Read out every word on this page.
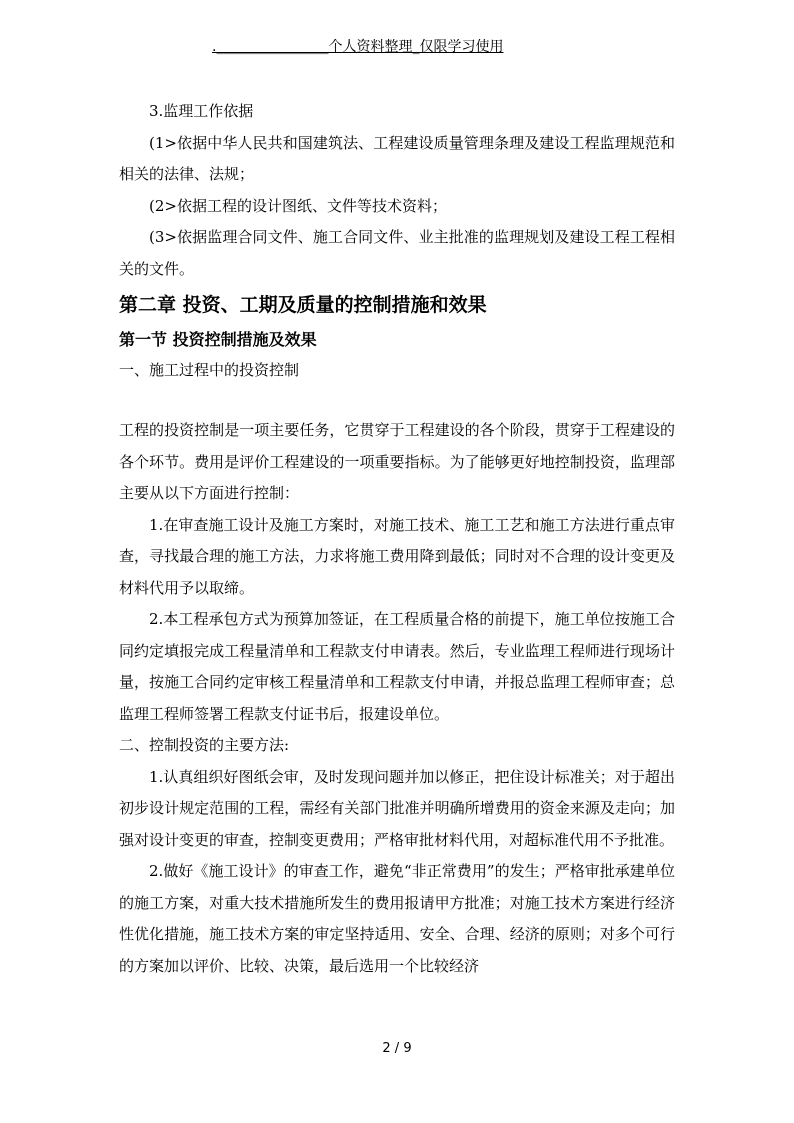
.________________个人资料整理_仅限学习使用

3.监理工作依据

(1>依据中华人民共和国建筑法、工程建设质量管理条理及建设工程监理规范和相关的法律、法规；

(2>依据工程的设计图纸、文件等技术资料；

(3>依据监理合同文件、施工合同文件、业主批准的监理规划及建设工程工程相关的文件。

第二章 投资、工期及质量的控制措施和效果
第一节 投资控制措施及效果

一、施工过程中的投资控制

工程的投资控制是一项主要任务，它贯穿于工程建设的各个阶段，贯穿于工程建设的各个环节。费用是评价工程建设的一项重要指标。为了能够更好地控制投资，监理部主要从以下方面进行控制：

1.在审查施工设计及施工方案时，对施工技术、施工工艺和施工方法进行重点审查，寻找最合理的施工方法，力求将施工费用降到最低；同时对不合理的设计变更及材料代用予以取缔。

2.本工程承包方式为预算加签证，在工程质量合格的前提下，施工单位按施工合同约定填报完成工程量清单和工程款支付申请表。然后，专业监理工程师进行现场计量，按施工合同约定审核工程量清单和工程款支付申请，并报总监理工程师审查；总监理工程师签署工程款支付证书后，报建设单位。

二、控制投资的主要方法:

1.认真组织好图纸会审，及时发现问题并加以修正，把住设计标准关；对于超出初步设计规定范围的工程，需经有关部门批准并明确所增费用的资金来源及走向；加强对设计变更的审查，控制变更费用；严格审批材料代用，对超标准代用不予批准。

2.做好《施工设计》的审查工作，避免“非正常费用”的发生；严格审批承建单位的施工方案，对重大技术措施所发生的费用报请甲方批准；对施工技术方案进行经济性优化措施，施工技术方案的审定坚持适用、安全、合理、经济的原则；对多个可行的方案加以评价、比较、决策，最后选用一个比较经济

2 / 9
